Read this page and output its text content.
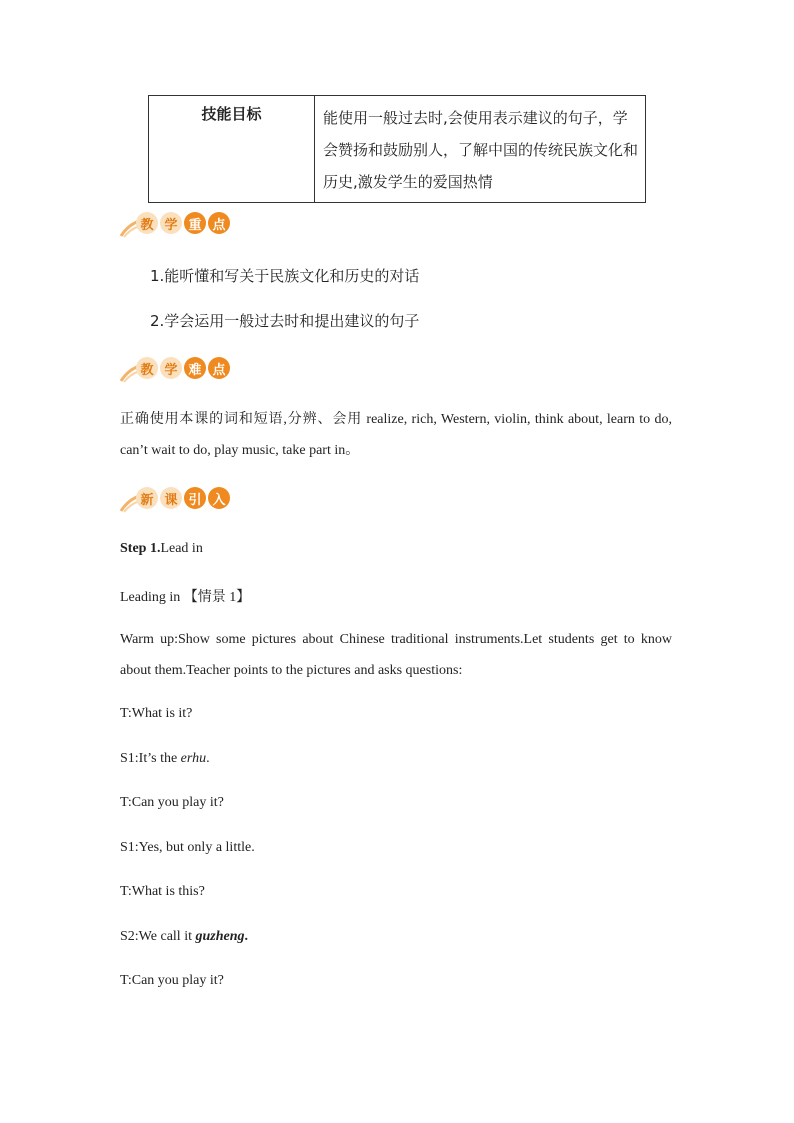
技能目标	能使用一般过去时,会使用表示建议的句子，学会赞扬和鼓励别人，了解中国的传统民族文化和历史,激发学生的爱国热情
教 学 重 点
1.能听懂和写关于民族文化和历史的对话
2.学会运用一般过去时和提出建议的句子
教 学 难 点
正确使用本课的词和短语,分辨、会用 realize, rich, Western, violin, think about, learn to do, can’t wait to do, play music, take part in。
新 课 引 入
Step 1.Lead in
Leading in 【情景 1】
Warm up:Show some pictures about Chinese traditional instruments.Let students get to know about them.Teacher points to the pictures and asks questions:
T:What is it?
S1:It’s the erhu.
T:Can you play it?
S1:Yes, but only a little.
T:What is this?
S2:We call it guzheng.
T:Can you play it?
